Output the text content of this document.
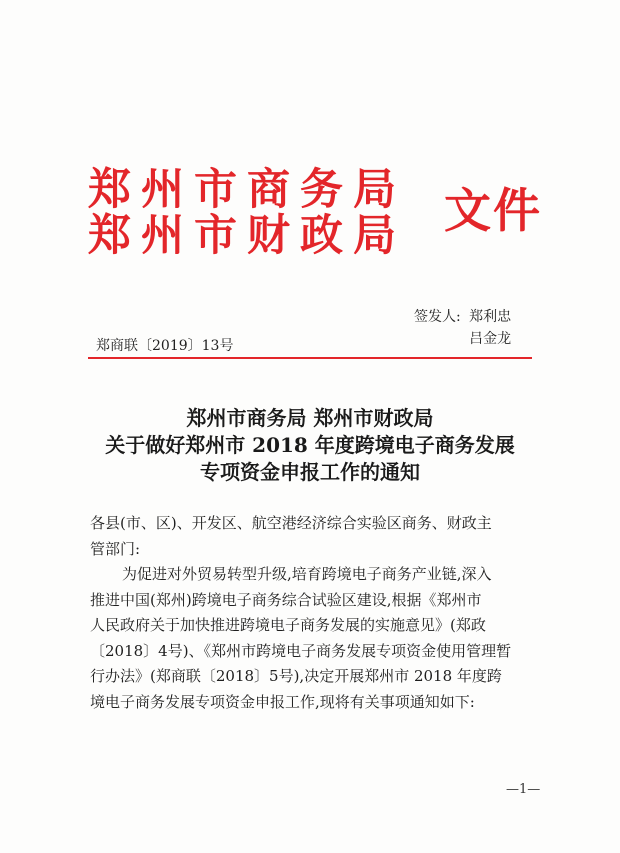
郑州市商务局
郑州市财政局 文件
签发人: 郑利忠
吕金龙
郑商联〔2019〕13号
郑州市商务局 郑州市财政局
关于做好郑州市 2018 年度跨境电子商务发展
专项资金申报工作的通知

各县(市、区)、开发区、航空港经济综合实验区商务、财政主
管部门:

为促进对外贸易转型升级,培育跨境电子商务产业链,深入
推进中国(郑州)跨境电子商务综合试验区建设,根据《郑州市
人民政府关于加快推进跨境电子商务发展的实施意见》(郑政
〔2018〕4号)、《郑州市跨境电子商务发展专项资金使用管理暂
行办法》(郑商联〔2018〕5号),决定开展郑州市 2018 年度跨
境电子商务发展专项资金申报工作,现将有关事项通知如下:

—1—
